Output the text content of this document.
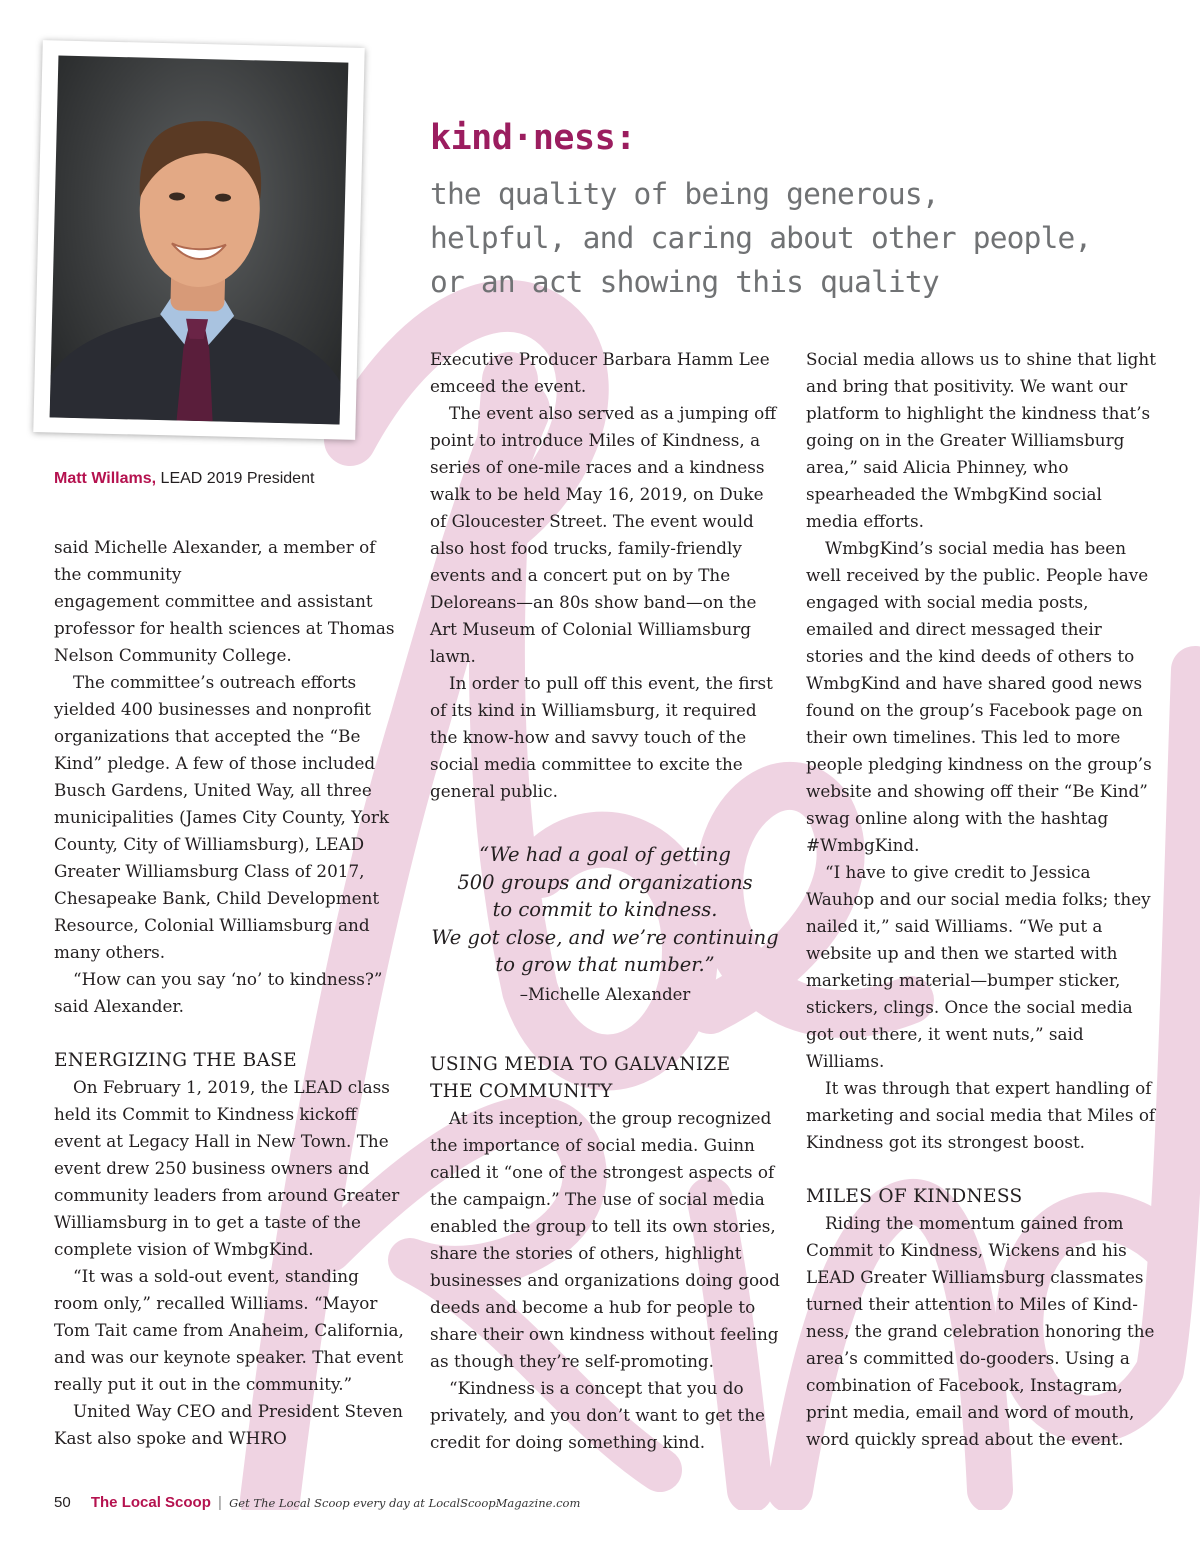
Matt Willams, LEAD 2019 President
kind·ness:
the quality of being generous,
helpful, and caring about other people,
or an act showing this quality

said Michelle Alexander, a member of
the community
engagement committee and assistant
professor for health sciences at Thomas
Nelson Community College.

The committee’s outreach efforts yielded 400 businesses and nonprofit organizations that accepted the “Be Kind” pledge. A few of those included Busch Gardens, United Way, all three municipalities (James City County, York County, City of Williamsburg), LEAD Greater Williamsburg Class of 2017, Chesapeake Bank, Child Development Resource, Colonial Williamsburg and many others.

“How can you say ‘no’ to kindness?” said Alexander.

ENERGIZING THE BASE

On February 1, 2019, the LEAD class held its Commit to Kindness kickoff event at Legacy Hall in New Town. The event drew 250 business owners and community leaders from around Greater Williamsburg in to get a taste of the complete vision of WmbgKind.

“It was a sold-out event, standing room only,” recalled Williams. “Mayor Tom Tait came from Anaheim, California, and was our keynote speaker. That event really put it out in the community.”

United Way CEO and President Steven Kast also spoke and WHRO

Executive Producer Barbara Hamm Lee emceed the event.

The event also served as a jumping off point to introduce Miles of Kindness, a series of one-mile races and a kindness walk to be held May 16, 2019, on Duke of Gloucester Street. The event would also host food trucks, family-friendly events and a concert put on by The Deloreans—an 80s show band—on the Art Museum of Colonial Williamsburg lawn.

In order to pull off this event, the first of its kind in Williamsburg, it required the know-how and savvy touch of the social media committee to excite the general public.

“We had a goal of getting
500 groups and organizations
to commit to kindness.
We got close, and we’re continuing
to grow that number.”
–Michelle Alexander

USING MEDIA TO GALVANIZE
THE COMMUNITY

At its inception, the group recognized the importance of social media. Guinn called it “one of the strongest aspects of the campaign.” The use of social media enabled the group to tell its own stories, share the stories of others, highlight businesses and organizations doing good deeds and become a hub for people to share their own kindness without feeling as though they’re self-promoting.

“Kindness is a concept that you do privately, and you don’t want to get the credit for doing something kind.

Social media allows us to shine that light and bring that positivity. We want our platform to highlight the kindness that’s going on in the Greater Williamsburg area,” said Alicia Phinney, who spearheaded the WmbgKind social media efforts.

WmbgKind’s social media has been well received by the public. People have engaged with social media posts, emailed and direct messaged their stories and the kind deeds of others to WmbgKind and have shared good news found on the group’s Facebook page on their own timelines. This led to more people pledging kindness on the group’s website and showing off their “Be Kind” swag online along with the hashtag #WmbgKind.

“I have to give credit to Jessica Wauhop and our social media folks; they nailed it,” said Williams. “We put a website up and then we started with marketing material—bumper sticker, stickers, clings. Once the social media got out there, it went nuts,” said Williams.

It was through that expert handling of marketing and social media that Miles of Kindness got its strongest boost.

MILES OF KINDNESS

Riding the momentum gained from Commit to Kindness, Wickens and his LEAD Greater Williamsburg classmates turned their attention to Miles of Kind-ness, the grand celebration honoring the area’s committed do-gooders. Using a combination of Facebook, Instagram, print media, email and word of mouth, word quickly spread about the event.

50 The Local Scoop | Get The Local Scoop every day at LocalScoopMagazine.com
